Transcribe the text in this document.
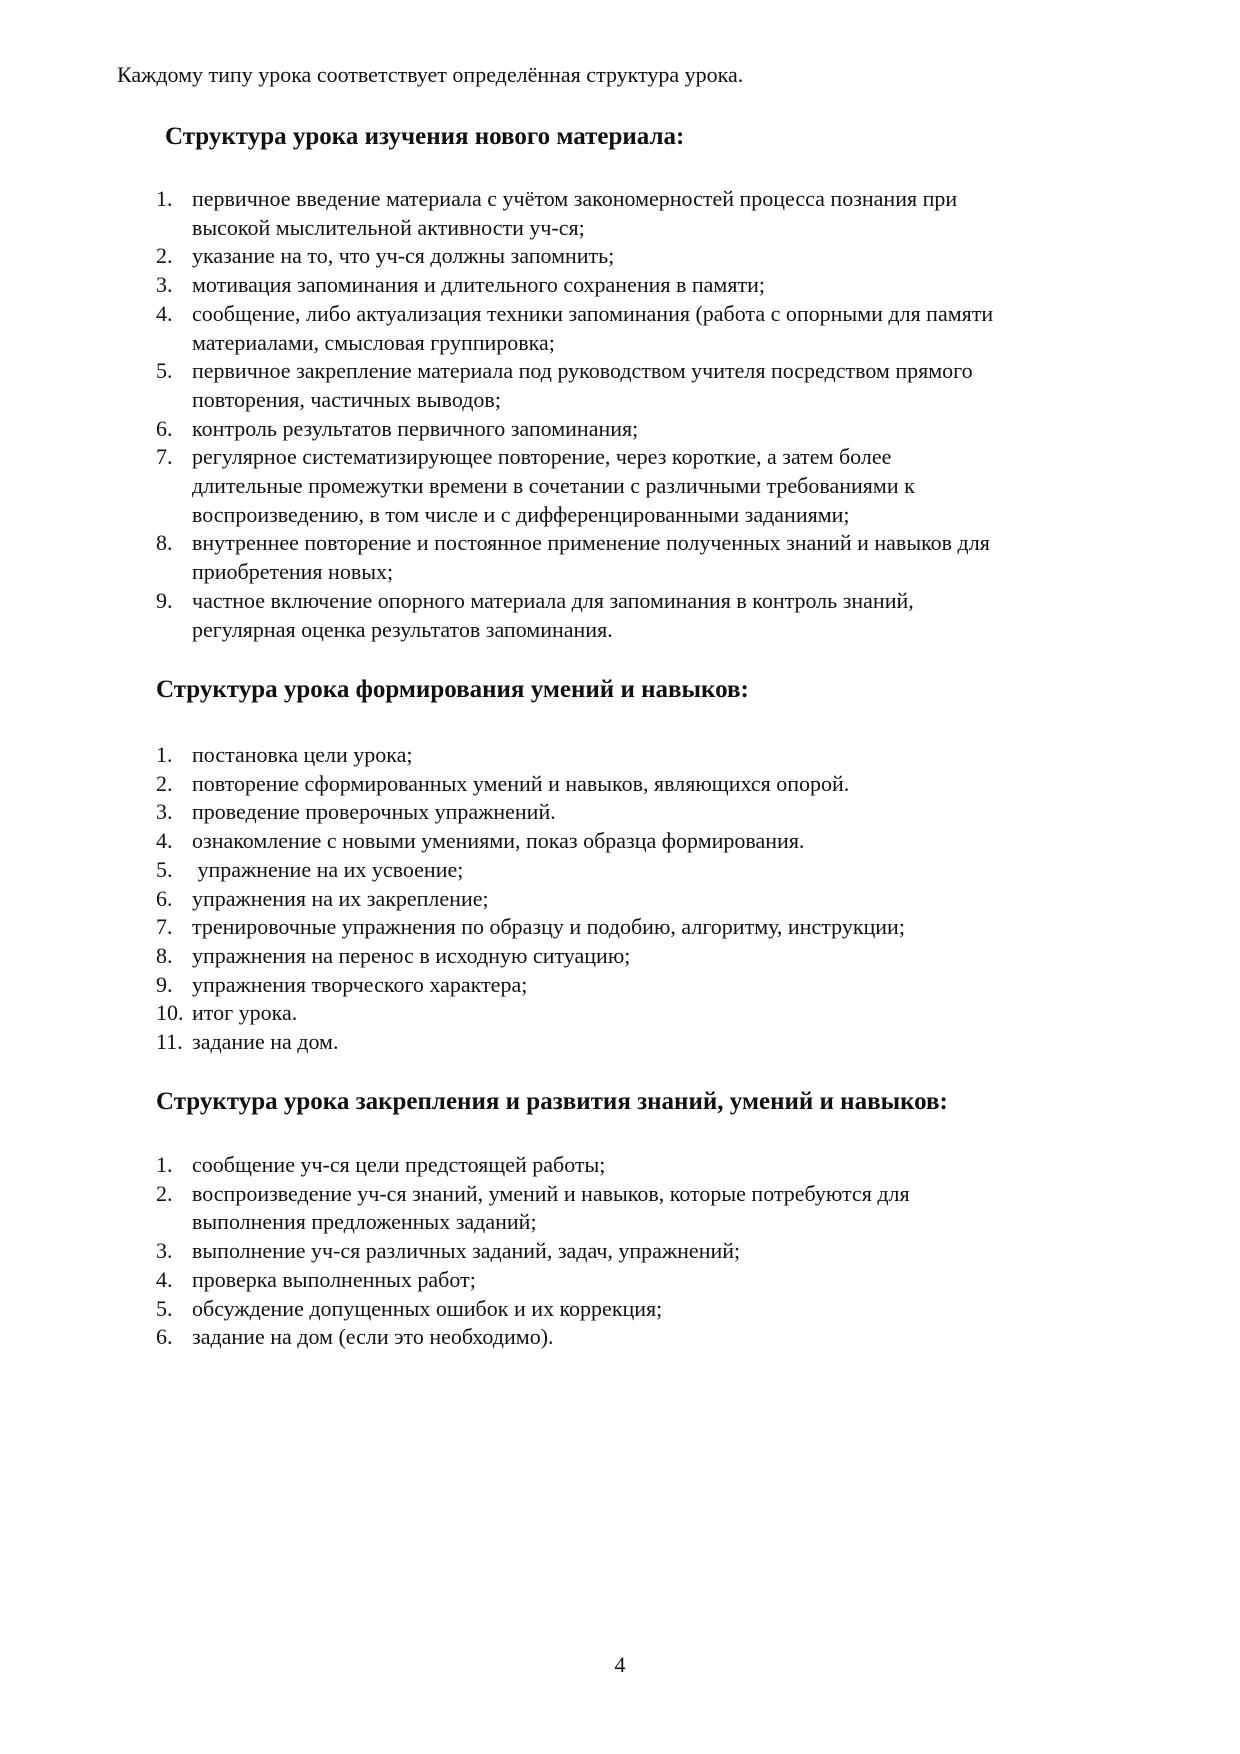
Каждому типу урока соответствует определённая структура урока.
Структура урока изучения нового материала:
1. первичное введение материала с учётом закономерностей процесса познания при
высокой мыслительной активности уч-ся;
2. указание на то, что уч-ся должны запомнить;
3. мотивация запоминания и длительного сохранения в памяти;
4. сообщение, либо актуализация техники запоминания (работа с опорными для памяти
материалами, смысловая группировка;
5. первичное закрепление материала под руководством учителя посредством прямого
повторения, частичных выводов;
6. контроль результатов первичного запоминания;
7. регулярное систематизирующее повторение, через короткие, а затем более
длительные промежутки времени в сочетании с различными требованиями к
воспроизведению, в том числе и с дифференцированными заданиями;
8. внутреннее повторение и постоянное применение полученных знаний и навыков для
приобретения новых;
9. частное включение опорного материала для запоминания в контроль знаний,
регулярная оценка результатов запоминания.
Структура урока формирования умений и навыков:
1. постановка цели урока;
2. повторение сформированных умений и навыков, являющихся опорой.
3. проведение проверочных упражнений.
4. ознакомление с новыми умениями, показ образца формирования.
5. упражнение на их усвоение;
6. упражнения на их закрепление;
7. тренировочные упражнения по образцу и подобию, алгоритму, инструкции;
8. упражнения на перенос в исходную ситуацию;
9. упражнения творческого характера;
10. итог урока.
11. задание на дом.
Структура урока закрепления и развития знаний, умений и навыков:
1. сообщение уч-ся цели предстоящей работы;
2. воспроизведение уч-ся знаний, умений и навыков, которые потребуются для
выполнения предложенных заданий;
3. выполнение уч-ся различных заданий, задач, упражнений;
4. проверка выполненных работ;
5. обсуждение допущенных ошибок и их коррекция;
6. задание на дом (если это необходимо).
4
